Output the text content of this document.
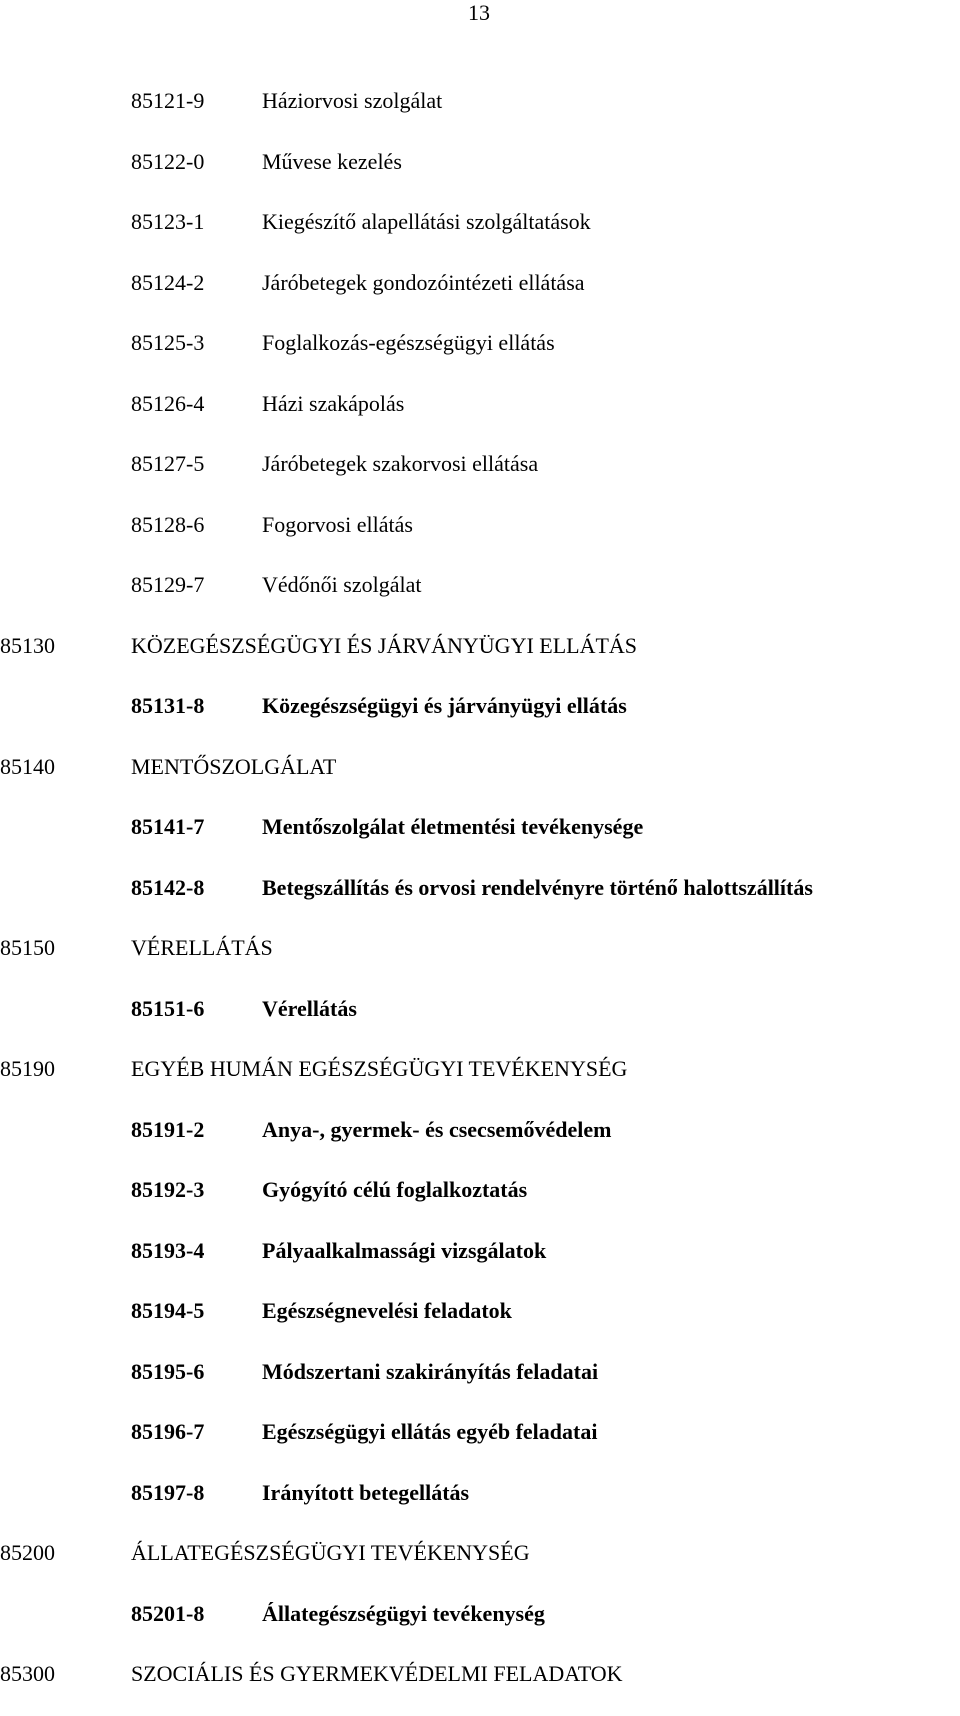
13
85121-9	Háziorvosi szolgálat
85122-0	Művese kezelés
85123-1	Kiegészítő alapellátási szolgáltatások
85124-2	Járóbetegek gondozóintézeti ellátása
85125-3	Foglalkozás-egészségügyi ellátás
85126-4	Házi szakápolás
85127-5	Járóbetegek szakorvosi ellátása
85128-6	Fogorvosi ellátás
85129-7	Védőnői szolgálat
85130	KÖZEGÉSZSÉGÜGYI ÉS JÁRVÁNYÜGYI ELLÁTÁS
85131-8	Közegészségügyi és járványügyi ellátás
85140	MENTŐSZOLGÁLAT
85141-7	Mentőszolgálat életmentési tevékenysége
85142-8	Betegszállítás és orvosi rendelvényre történő halottszállítás
85150	VÉRELLÁTÁS
85151-6	Vérellátás
85190	EGYÉB HUMÁN EGÉSZSÉGÜGYI TEVÉKENYSÉG
85191-2	Anya-, gyermek- és csecsemővédelem
85192-3	Gyógyító célú foglalkoztatás
85193-4	Pályaalkalmassági vizsgálatok
85194-5	Egészségnevelési feladatok
85195-6	Módszertani szakirányítás feladatai
85196-7	Egészségügyi ellátás egyéb feladatai
85197-8	Irányított betegellátás
85200	ÁLLATEGÉSZSÉGÜGYI TEVÉKENYSÉG
85201-8	Állategészségügyi tevékenység
85300	SZOCIÁLIS ÉS GYERMEKVÉDELMI FELADATOK
